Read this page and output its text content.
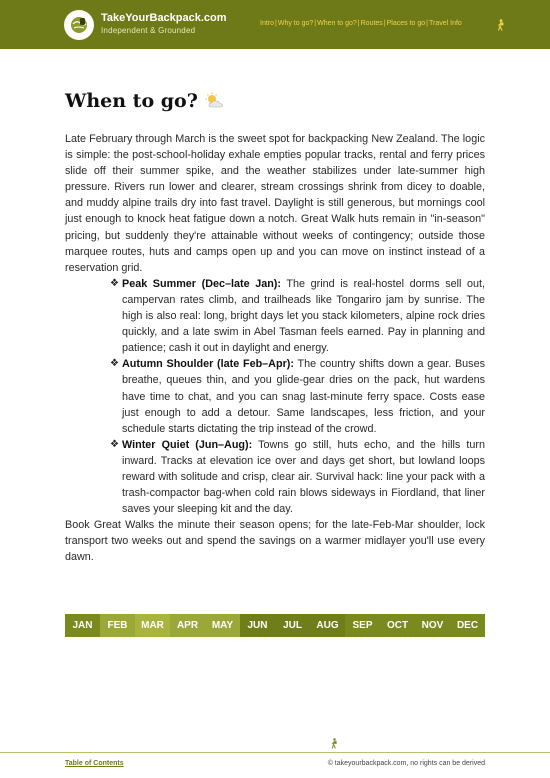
TakeYourBackpack.com
Independent & Grounded
Intro | Why to go? | When to go? | Routes | Places to go | Travel Info
When to go?

Late February through March is the sweet spot for backpacking New Zealand. The logic is simple: the post-school-holiday exhale empties popular tracks, rental and ferry prices slide off their summer spike, and the weather stabilizes under late-summer high pressure. Rivers run lower and clearer, stream crossings shrink from dicey to doable, and muddy alpine trails dry into fast travel. Daylight is still generous, but mornings cool just enough to knock heat fatigue down a notch. Great Walk huts remain in "in-season" pricing, but suddenly they're attainable without weeks of contingency; outside those marquee routes, huts and camps open up and you can move on instinct instead of a reservation grid.

❖ Peak Summer (Dec–late Jan): The grind is real-hostel dorms sell out, campervan rates climb, and trailheads like Tongariro jam by sunrise. The high is also real: long, bright days let you stack kilometers, alpine rock dries quickly, and a late swim in Abel Tasman feels earned. Pay in planning and patience; cash it out in daylight and energy.
❖ Autumn Shoulder (late Feb–Apr): The country shifts down a gear. Buses breathe, queues thin, and you glide-gear dries on the pack, hut wardens have time to chat, and you can snag last-minute ferry space. Costs ease just enough to add a detour. Same landscapes, less friction, and your schedule starts dictating the trip instead of the crowd.
❖ Winter Quiet (Jun–Aug): Towns go still, huts echo, and the hills turn inward. Tracks at elevation ice over and days get short, but lowland loops reward with solitude and crisp, clear air. Survival hack: line your pack with a trash-compactor bag-when cold rain blows sideways in Fiordland, that liner saves your sleeping kit and the day.

Book Great Walks the minute their season opens; for the late-Feb-Mar shoulder, lock transport two weeks out and spend the savings on a warmer midlayer you'll use every dawn.

JAN	FEB	MAR	APR	MAY	JUN	JUL	AUG	SEP	OCT	NOV	DEC
Table of Contents	© takeyourbackpack.com, no rights can be derived
